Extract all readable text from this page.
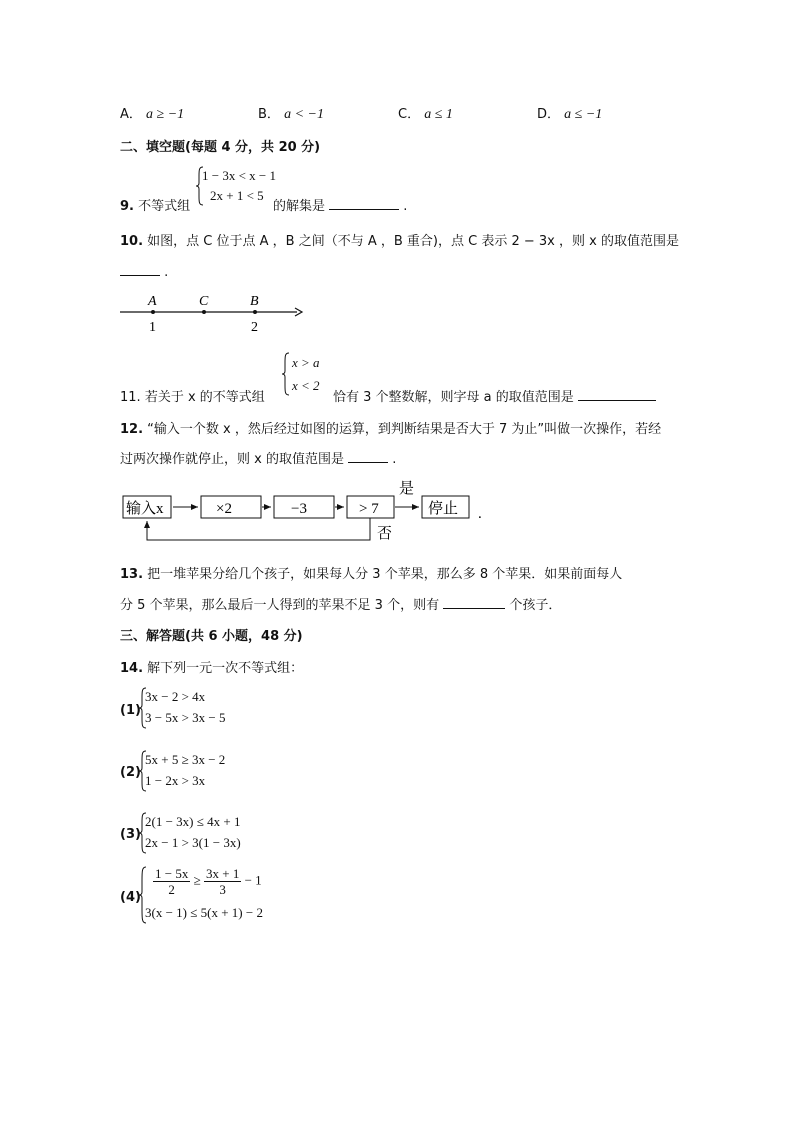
A． a ≥ −1	B． a < −1	C． a ≤ 1	D． a ≤ −1
二、填空题(每题 4 分，共 20 分)
9. 不等式组
1 − 3x < x − 1
2x + 1 < 5
的解集是	.
10. 如图，点 C 位于点 A ，B 之间（不与 A ，B 重合)，点 C 表示 2 − 3x ，则 x 的取值范围是
.
A	C	B
1	2
11. 若关于 x 的不等式组
x > a
x < 2
恰有 3 个整数解，则字母 a 的取值范围是
12. “输入一个数 x ，然后经过如图的运算，到判断结果是否大于 7 为止”叫做一次操作，若经
过两次操作就停止，则 x 的取值范围是	.
输入x	×2	−3	> 7
是
停止 .
否
13. 把一堆苹果分给几个孩子，如果每人分 3 个苹果，那么多 8 个苹果．如果前面每人
分 5 个苹果，那么最后一人得到的苹果不足 3 个，则有	个孩子．
三、解答题(共 6 小题，48 分)
14. 解下列一元一次不等式组：
(1)
3x − 2 > 4x
3 − 5x > 3x − 5
(2)
5x + 5 ≥ 3x − 2
1 − 2x > 3x
(3)
2(1 − 3x) ≤ 4x + 1
2x − 1 > 3(1 − 3x)
(4)
$\frac{1 - 5x}{2} \ge \frac{3x + 1}{3} - 1$
3(x − 1) ≤ 5(x + 1) − 2
